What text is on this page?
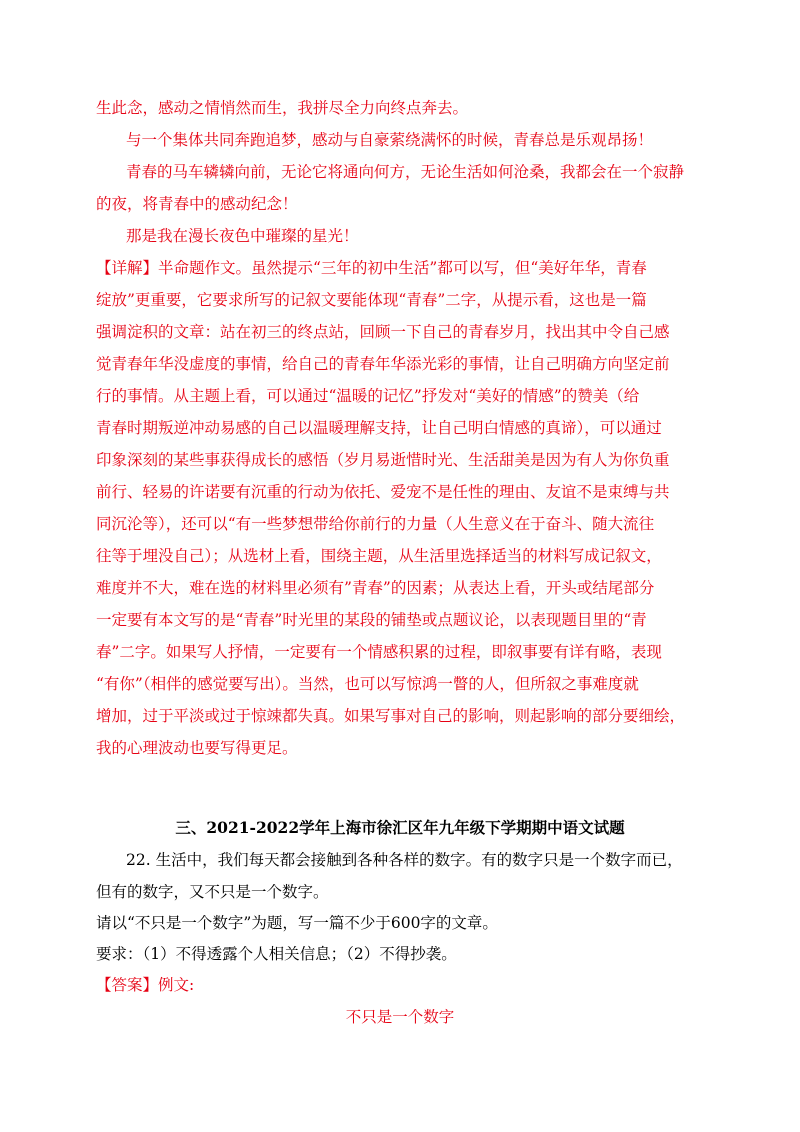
生此念，感动之情悄然而生，我拼尽全力向终点奔去。
与一个集体共同奔跑追梦，感动与自豪萦绕满怀的时候，青春总是乐观昂扬！
青春的马车辚辚向前，无论它将通向何方，无论生活如何沧桑，我都会在一个寂静
的夜，将青春中的感动纪念！
那是我在漫长夜色中璀璨的星光！
【详解】半命题作文。虽然提示“三年的初中生活”都可以写，但“美好年华，青春
绽放”更重要，它要求所写的记叙文要能体现“青春”二字，从提示看，这也是一篇
强调淀积的文章：站在初三的终点站，回顾一下自己的青春岁月，找出其中令自己感
觉青春年华没虚度的事情，给自己的青春年华添光彩的事情，让自己明确方向坚定前
行的事情。从主题上看，可以通过“温暖的记忆”抒发对“美好的情感”的赞美（给
青春时期叛逆冲动易感的自己以温暖理解支持，让自己明白情感的真谛），可以通过
印象深刻的某些事获得成长的感悟（岁月易逝惜时光、生活甜美是因为有人为你负重
前行、轻易的许诺要有沉重的行动为依托、爱宠不是任性的理由、友谊不是束缚与共
同沉沦等），还可以“有一些梦想带给你前行的力量（人生意义在于奋斗、随大流往
往等于埋没自己）；从选材上看，围绕主题，从生活里选择适当的材料写成记叙文，
难度并不大，难在选的材料里必须有”青春”的因素；从表达上看，开头或结尾部分
一定要有本文写的是“青春”时光里的某段的铺垫或点题议论，以表现题目里的“青
春”二字。如果写人抒情，一定要有一个情感积累的过程，即叙事要有详有略，表现
“有你”（相伴的感觉要写出）。当然，也可以写惊鸿一瞥的人，但所叙之事难度就
增加，过于平淡或过于惊竦都失真。如果写事对自己的影响，则起影响的部分要细绘，
我的心理波动也要写得更足。
三、2021-2022学年上海市徐汇区年九年级下学期期中语文试题
22. 生活中，我们每天都会接触到各种各样的数字。有的数字只是一个数字而已，
但有的数字，又不只是一个数字。
请以“不只是一个数字”为题，写一篇不少于600字的文章。
要求：（1）不得透露个人相关信息；（2）不得抄袭。
【答案】例文:
不只是一个数字
